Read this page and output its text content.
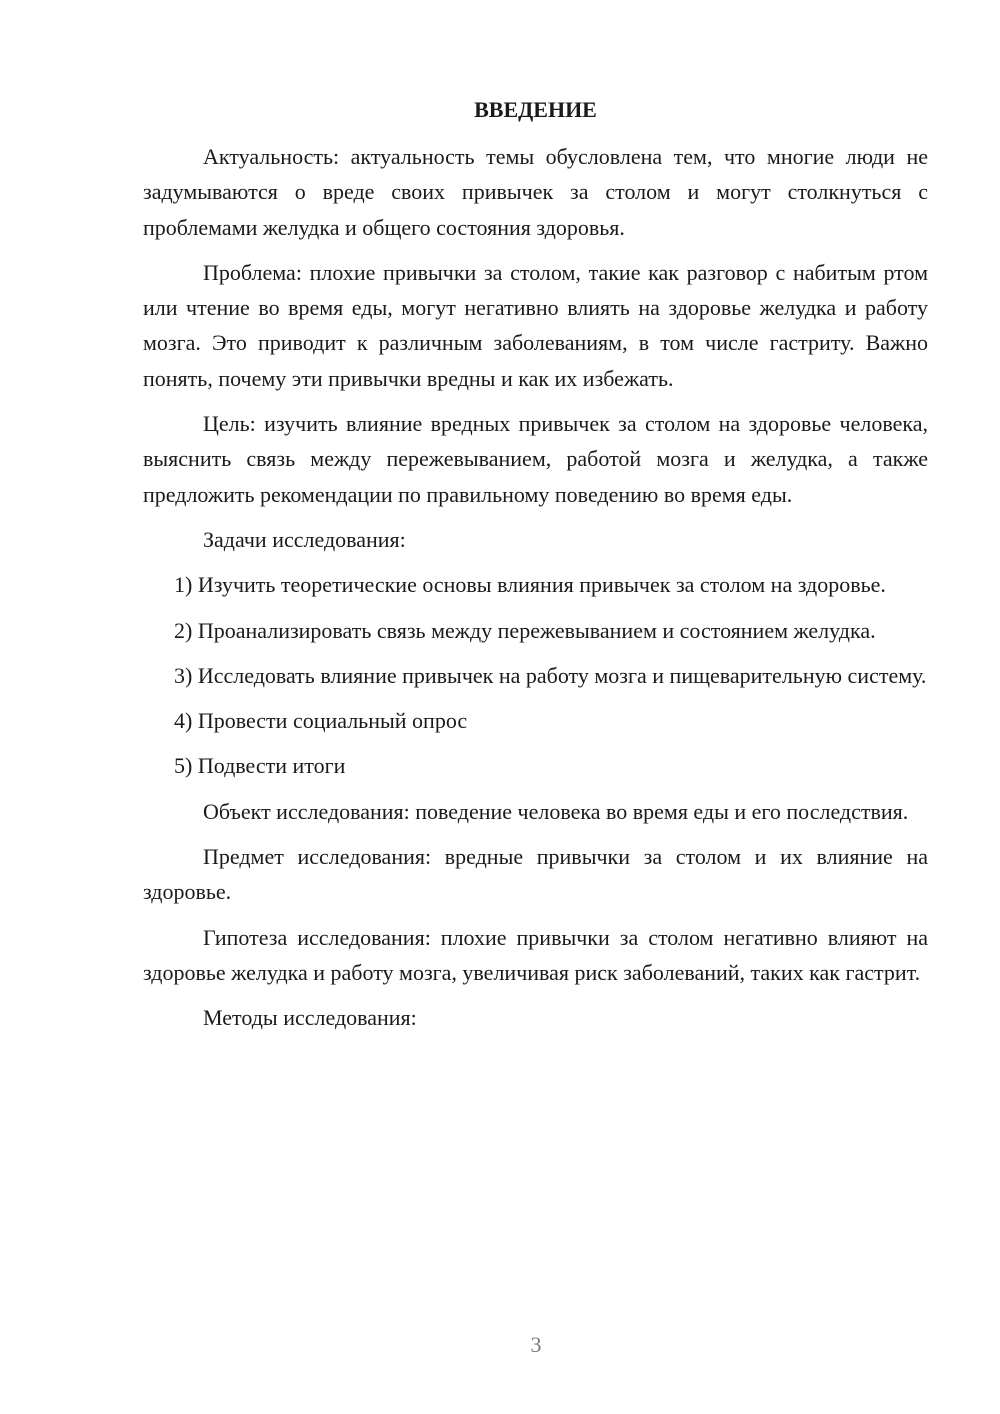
ВВЕДЕНИЕ

Актуальность: актуальность темы обусловлена тем, что многие люди не задумываются о вреде своих привычек за столом и могут столкнуться с проблемами желудка и общего состояния здоровья.

Проблема: плохие привычки за столом, такие как разговор с набитым ртом или чтение во время еды, могут негативно влиять на здоровье желудка и работу мозга. Это приводит к различным заболеваниям, в том числе гастриту. Важно понять, почему эти привычки вредны и как их избежать.

Цель: изучить влияние вредных привычек за столом на здоровье человека, выяснить связь между пережевыванием, работой мозга и желудка, а также предложить рекомендации по правильному поведению во время еды.

Задачи исследования:

1) Изучить теоретические основы влияния привычек за столом на здоровье.

2) Проанализировать связь между пережевыванием и состоянием желудка.

3) Исследовать влияние привычек на работу мозга и пищеварительную систему.

4) Провести социальный опрос

5) Подвести итоги

Объект исследования: поведение человека во время еды и его последствия.

Предмет исследования: вредные привычки за столом и их влияние на здоровье.

Гипотеза исследования: плохие привычки за столом негативно влияют на здоровье желудка и работу мозга, увеличивая риск заболеваний, таких как гастрит.

Методы исследования:

3
